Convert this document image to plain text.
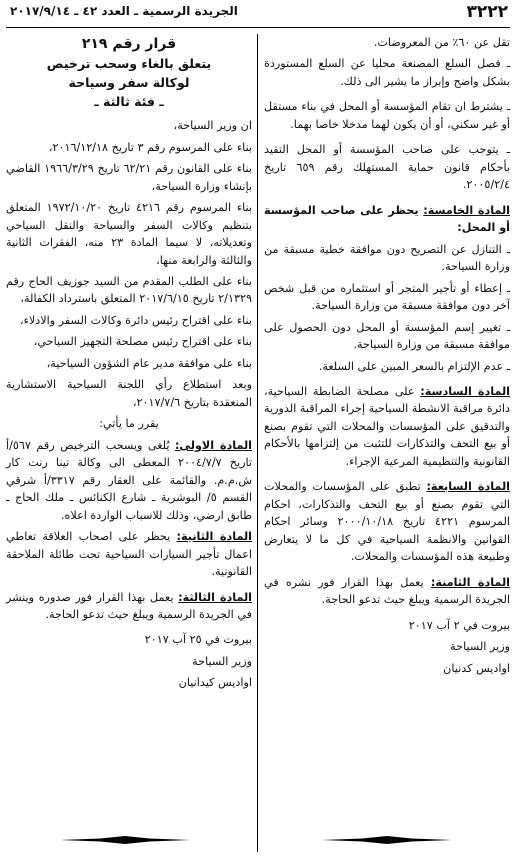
٣٢٢٢
الجريدة الرسمية ـ العدد ٤٢ ـ ٢٠١٧/٩/١٤

تقل عن ٦٠٪ من المعروضات.

ـ فصل السلع المصنعة محليا عن السلع المستوردة بشكل واضح وإبراز ما يشير الى ذلك.

ـ يشترط ان تقام المؤسسة أو المحل في بناء مستقل أو غير سكني، أو أن يكون لهما مدخلا خاصا بهما.

ـ يتوجب على صاحب المؤسسة أو المحل التقيد بأحكام قانون حماية المستهلك رقم ٦٥٩ تاريخ ٢٠٠٥/٢/٤.

المادة الخامسة: يحظر على صاحب المؤسسة أو المحل:

ـ التنازل عن التصريح دون موافقة خطية مسبقة من وزارة السياحة.

ـ إعطاء أو تأجير المتجر أو استثماره من قبل شخص آخر دون موافقة مسبقة من وزارة السياحة.

ـ تغيير إسم المؤسسة أو المحل دون الحصول على موافقة مسبقة من وزارة السياحة.

ـ عدم الإلتزام بالسعر المبين على السلعة.

المادة السادسة: على مصلحة الضابطة السياحية، دائرة مراقبة الانشطة السياحية إجراء المراقبة الدورية والتدقيق على المؤسسات والمحلات التي تقوم بصنع أو بيع التحف والتذكارات للتثبت من إلتزامها بالأحكام القانونية والتنظيمية المرعية الإجراء.

المادة السابعة: تطبق على المؤسسات والمحلات التي تقوم بصنع أو بيع التحف والتذكارات، احكام المرسوم ٤٢٢١ تاريخ ٢٠٠٠/١٠/١٨ وسائر احكام القوانين والانظمة السياحية في كل ما لا يتعارض وطبيعة هذه المؤسسات والمحلات.

المادة الثامنة: يعمل بهذا القرار فور نشره في الجريدة الرسمية ويبلغ حيث تدعو الحاجة.

بيروت في ٢ آب ٢٠١٧

وزير السياحة

اواديس كدنيان

قرار رقم ٢١٩
يتعلق بالغاء وسحب ترخيص
لوكالة سفر وسياحة
ـ فئة ثالثة ـ

ان وزير السياحة،

بناء على المرسوم رقم ٣ تاريخ ٢٠١٦/١٢/١٨،

بناء على القانون رقم ٦٢/٢١ تاريخ ١٩٦٦/٣/٢٩ القاضي بإنشاء وزارة السياحة،

بناء المرسوم رقم ٤٢١٦ تاريخ ١٩٧٢/١٠/٢٠ المتعلق بتنظيم وكالات السفر والسياحة والنقل السياحي وتعديلاته، لا سيما المادة ٢٣ منه، الفقرات الثانية والثالثة والرابعة منها،

بناء على الطلب المقدم من السيد جوزيف الحاج رقم ٢/١٣٢٩ تاريخ ٢٠١٧/٦/١٥ المتعلق باسترداد الكفالة،

بناء على اقتراح رئيس دائرة وكالات السفر والادلاء،

بناء على اقتراح رئيس مصلحة التجهيز السياحي،

بناء على موافقة مدير عام الشؤون السياحية،

وبعد استطلاع رأي اللجنة السياحية الاستشارية المنعقدة بتاريخ ٢٠١٧/٧/٦،

يقرر ما يأتي:

المادة الاولى: يُلغى ويسحب الترخيص رقم ٥٦٧/أ تاريخ ٢٠٠٤/٧/٧ المعطى الى وكالة تينا رنت كار ش.م.م. والقائمة على العقار رقم ٣٣١٧/أ شرقي القسم ٥/ البوشرية ـ شارع الكنائس ـ ملك الحاج ـ طابق ارضي، وذلك للاسباب الواردة اعلاه.

المادة الثانية: يحظر على اصحاب العلاقة تعاطي اعمال تأجير السيارات السياحية تحت طائلة الملاحقة القانونية.

المادة الثالثة: يعمل بهذا القرار فور صدوره وينشر في الجريدة الرسمية ويبلغ حيث تدعو الحاجة.

بيروت في ٢٥ آب ٢٠١٧

وزير السياحة

اواديس كيدانيان
